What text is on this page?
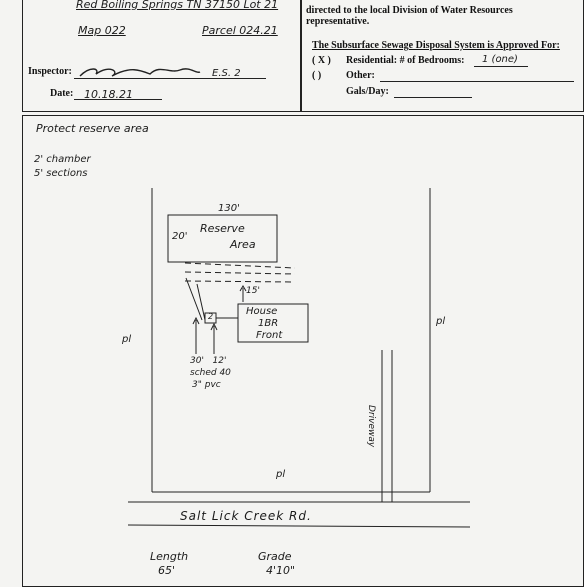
Red Boiling Springs TN 37150 Lot 21
Map 022	Parcel 024.21
Inspector:	E.S. 2
Date: 10.18.21
directed to the local Division of Water Resources
representative.
The Subsurface Sewage Disposal System is Approved For:
( X ) Residential: # of Bedrooms: 1 (one)
( ) Other:
Gals/Day:
Protect reserve area
2' chamber
5' sections
130'
20'
Reserve
Area
15'
2	House
1BR
Front
30'   12'
sched 40
3" pvc
pl
pl
pl
Driveway
Salt Lick Creek Rd.
Length
65'
Grade
4'10"
